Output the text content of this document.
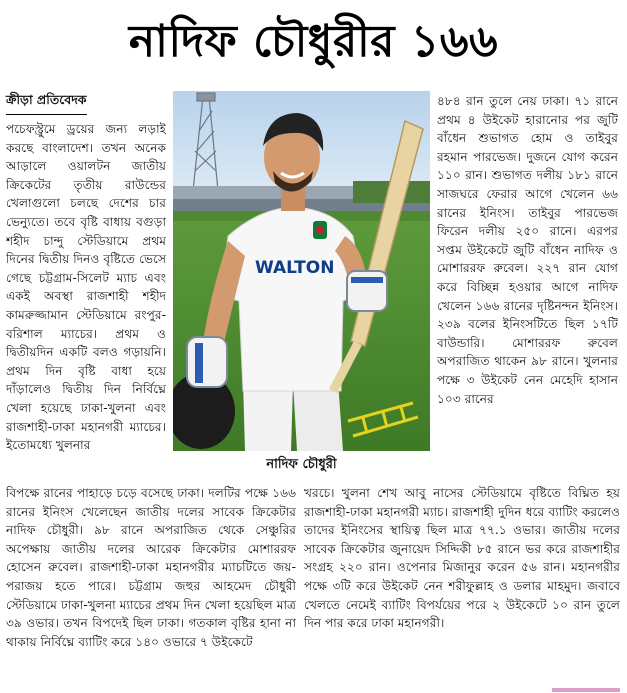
নাদিফ চৌধুরীর ১৬৬
ক্রীড়া প্রতিবেদক

পচেফস্ট্রুমে ড্রয়ের জন্য লড়াই করছে বাংলাদেশ। তখন অনেক আড়ালে ওয়ালটন জাতীয় ক্রিকেটের তৃতীয় রাউন্ডের খেলাগুলো চলছে দেশের চার ভেন্যুতে। তবে বৃষ্টি বাধায় বগুড়া শহীদ চান্দু স্টেডিয়ামে প্রথম দিনের দ্বিতীয় দিনও বৃষ্টিতে ভেসে গেছে চট্টগ্রাম-সিলেট ম্যাচ এবং একই অবস্থা রাজশাহী শহীদ কামরুজ্জামান স্টেডিয়ামে রংপুর-বরিশাল ম্যাচের। প্রথম ও দ্বিতীয়দিন একটি বলও গড়ায়নি। প্রথম দিন বৃষ্টি বাধা হয়ে দাঁড়ালেও দ্বিতীয় দিন নির্বিঘ্নে খেলা হয়েছে ঢাকা-খুলনা এবং রাজশাহী-ঢাকা মহানগরী ম্যাচের। ইতোমধ্যে খুলনার

WALTON
নাদিফ চৌধুরী

৪৮৪ রান তুলে নেয় ঢাকা। ৭১ রানে প্রথম ৪ উইকেট হারানোর পর জুটি বাঁধেন শুভাগত হোম ও তাইবুর রহমান পারভেজ। দুজনে যোগ করেন ১১০ রান। শুভাগত দলীয় ১৮১ রানে সাজঘরে ফেরার আগে খেলেন ৬৬ রানের ইনিংস। তাইবুর পারভেজ ফিরেন দলীয় ২৫০ রানে। এরপর সপ্তম উইকেটে জুটি বাঁধেন নাদিফ ও মোশাররফ রুবেল। ২২৭ রান যোগ করে বিচ্ছিন্ন হওয়ার আগে নাদিফ খেলেন ১৬৬ রানের দৃষ্টিনন্দন ইনিংস। ২৩৯ বলের ইনিংসটিতে ছিল ১৭টি বাউন্ডারি। মোশাররফ রুবেল অপরাজিত থাকেন ৯৮ রানে। খুলনার পক্ষে ৩ উইকেট নেন মেহেদি হাসান ১০৩ রানের

বিপক্ষে রানের পাহাড়ে চড়ে বসেছে ঢাকা। দলটির পক্ষে ১৬৬ রানের ইনিংস খেলেছেন জাতীয় দলের সাবেক ক্রিকেটার নাদিফ চৌধুরী। ৯৮ রানে অপরাজিত থেকে সেঞ্চুরির অপেক্ষায় জাতীয় দলের আরেক ক্রিকেটার মোশাররফ হোসেন রুবেল। রাজশাহী-ঢাকা মহানগরীর ম্যাচটিতে জয়-পরাজয় হতে পারে। চট্টগ্রাম জহুর আহমেদ চৌধুরী স্টেডিয়ামে ঢাকা-খুলনা ম্যাচের প্রথম দিন খেলা হয়েছিল মাত্র ৩৯ ওভার। তখন বিপদেই ছিল ঢাকা। গতকাল বৃষ্টির হানা না থাকায় নির্বিঘ্নে ব্যাটিং করে ১৪০ ওভারে ৭ উইকেটে

খরচে। খুলনা শেখ আবু নাসের স্টেডিয়ামে বৃষ্টিতে বিঘ্নিত হয় রাজশাহী-ঢাকা মহানগরী ম্যাচ। রাজশাহী দুদিন ধরে ব্যাটিং করলেও তাদের ইনিংসের স্থায়িত্ব ছিল মাত্র ৭৭.১ ওভার। জাতীয় দলের সাবেক ক্রিকেটার জুনায়েদ সিদ্দিকী ৮৫ রানে ভর করে রাজশাহীর সংগ্রহ ২২০ রান। ওপেনার মিজানুর করেন ৫৬ রান। মহানগরীর পক্ষে ৩টি করে উইকেট নেন শরীফুল্লাহ ও ডলার মাহমুদ। জবাবে খেলতে নেমেই ব্যাটিং বিপর্যয়ের পরে ২ উইকেটে ১০ রান তুলে দিন পার করে ঢাকা মহানগরী।
